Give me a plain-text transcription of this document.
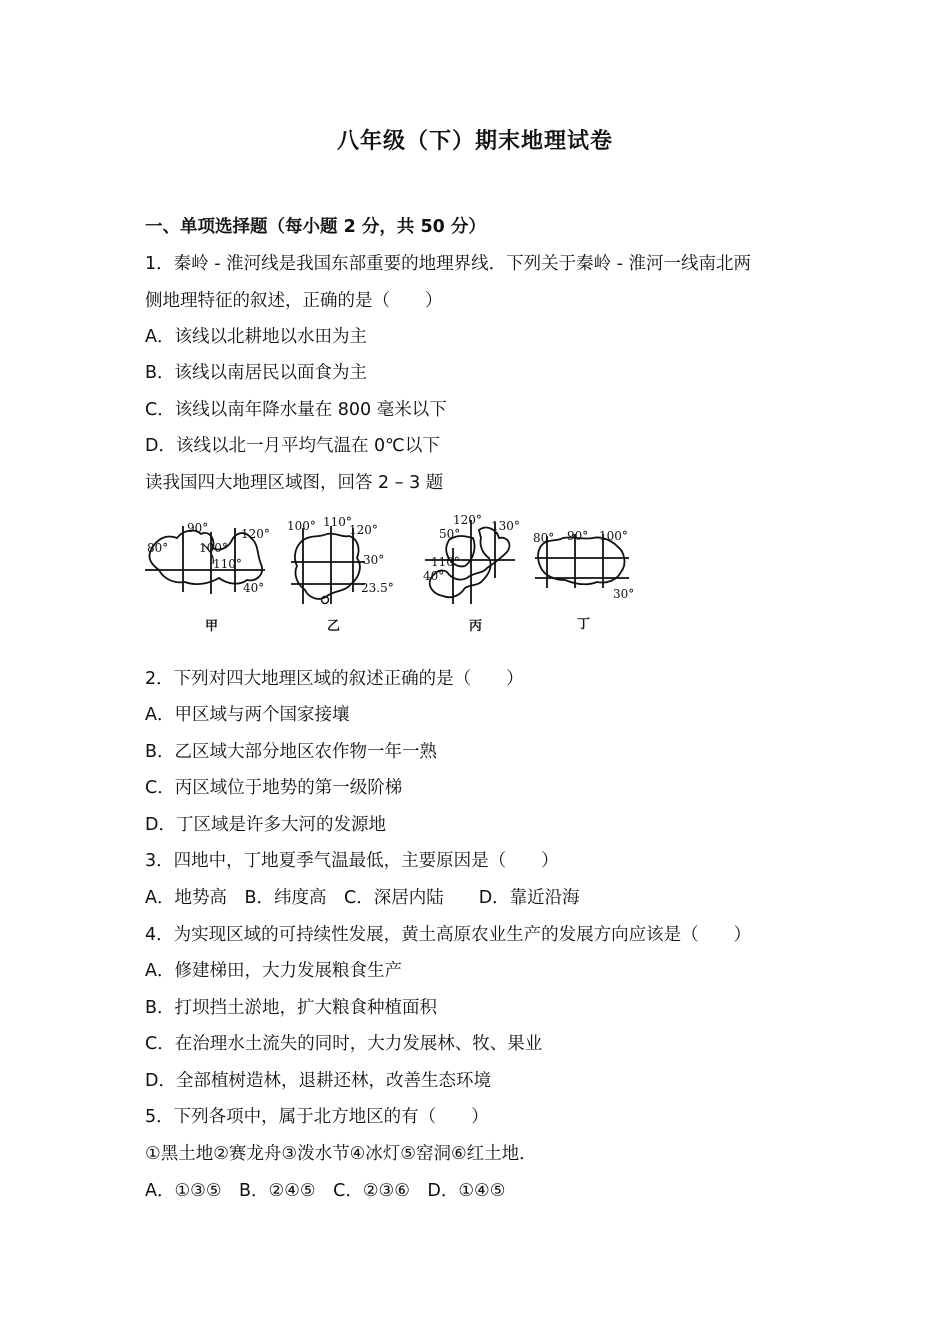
八年级（下）期末地理试卷
一、单项选择题（每小题 2 分，共 50 分）
1．秦岭 - 淮河线是我国东部重要的地理界线．下列关于秦岭 - 淮河一线南北两
侧地理特征的叙述，正确的是（　　）
A．该线以北耕地以水田为主
B．该线以南居民以面食为主
C．该线以南年降水量在 800 毫米以下
D．该线以北一月平均气温在 0℃以下
读我国四大地理区域图，回答 2 – 3 题
90°	120°
80°	100°
110°
40°
甲
100° 110°
120°
30°
23.5°
乙
120° 130°
50°
110°
40°
丙
80° 90° 100°
30°
丁
2．下列对四大地理区域的叙述正确的是（　　）
A．甲区域与两个国家接壤
B．乙区域大部分地区农作物一年一熟
C．丙区域位于地势的第一级阶梯
D．丁区域是许多大河的发源地
3．四地中，丁地夏季气温最低，主要原因是（　　）
A．地势高　B．纬度高　C．深居内陆　　D．靠近沿海
4．为实现区域的可持续性发展，黄土高原农业生产的发展方向应该是（　　）
A．修建梯田，大力发展粮食生产
B．打坝挡土淤地，扩大粮食种植面积
C．在治理水土流失的同时，大力发展林、牧、果业
D．全部植树造林，退耕还林，改善生态环境
5．下列各项中，属于北方地区的有（　　）
①黑土地②赛龙舟③泼水节④冰灯⑤窑洞⑥红土地．
A．①③⑤　B．②④⑤　C．②③⑥　D．①④⑤
